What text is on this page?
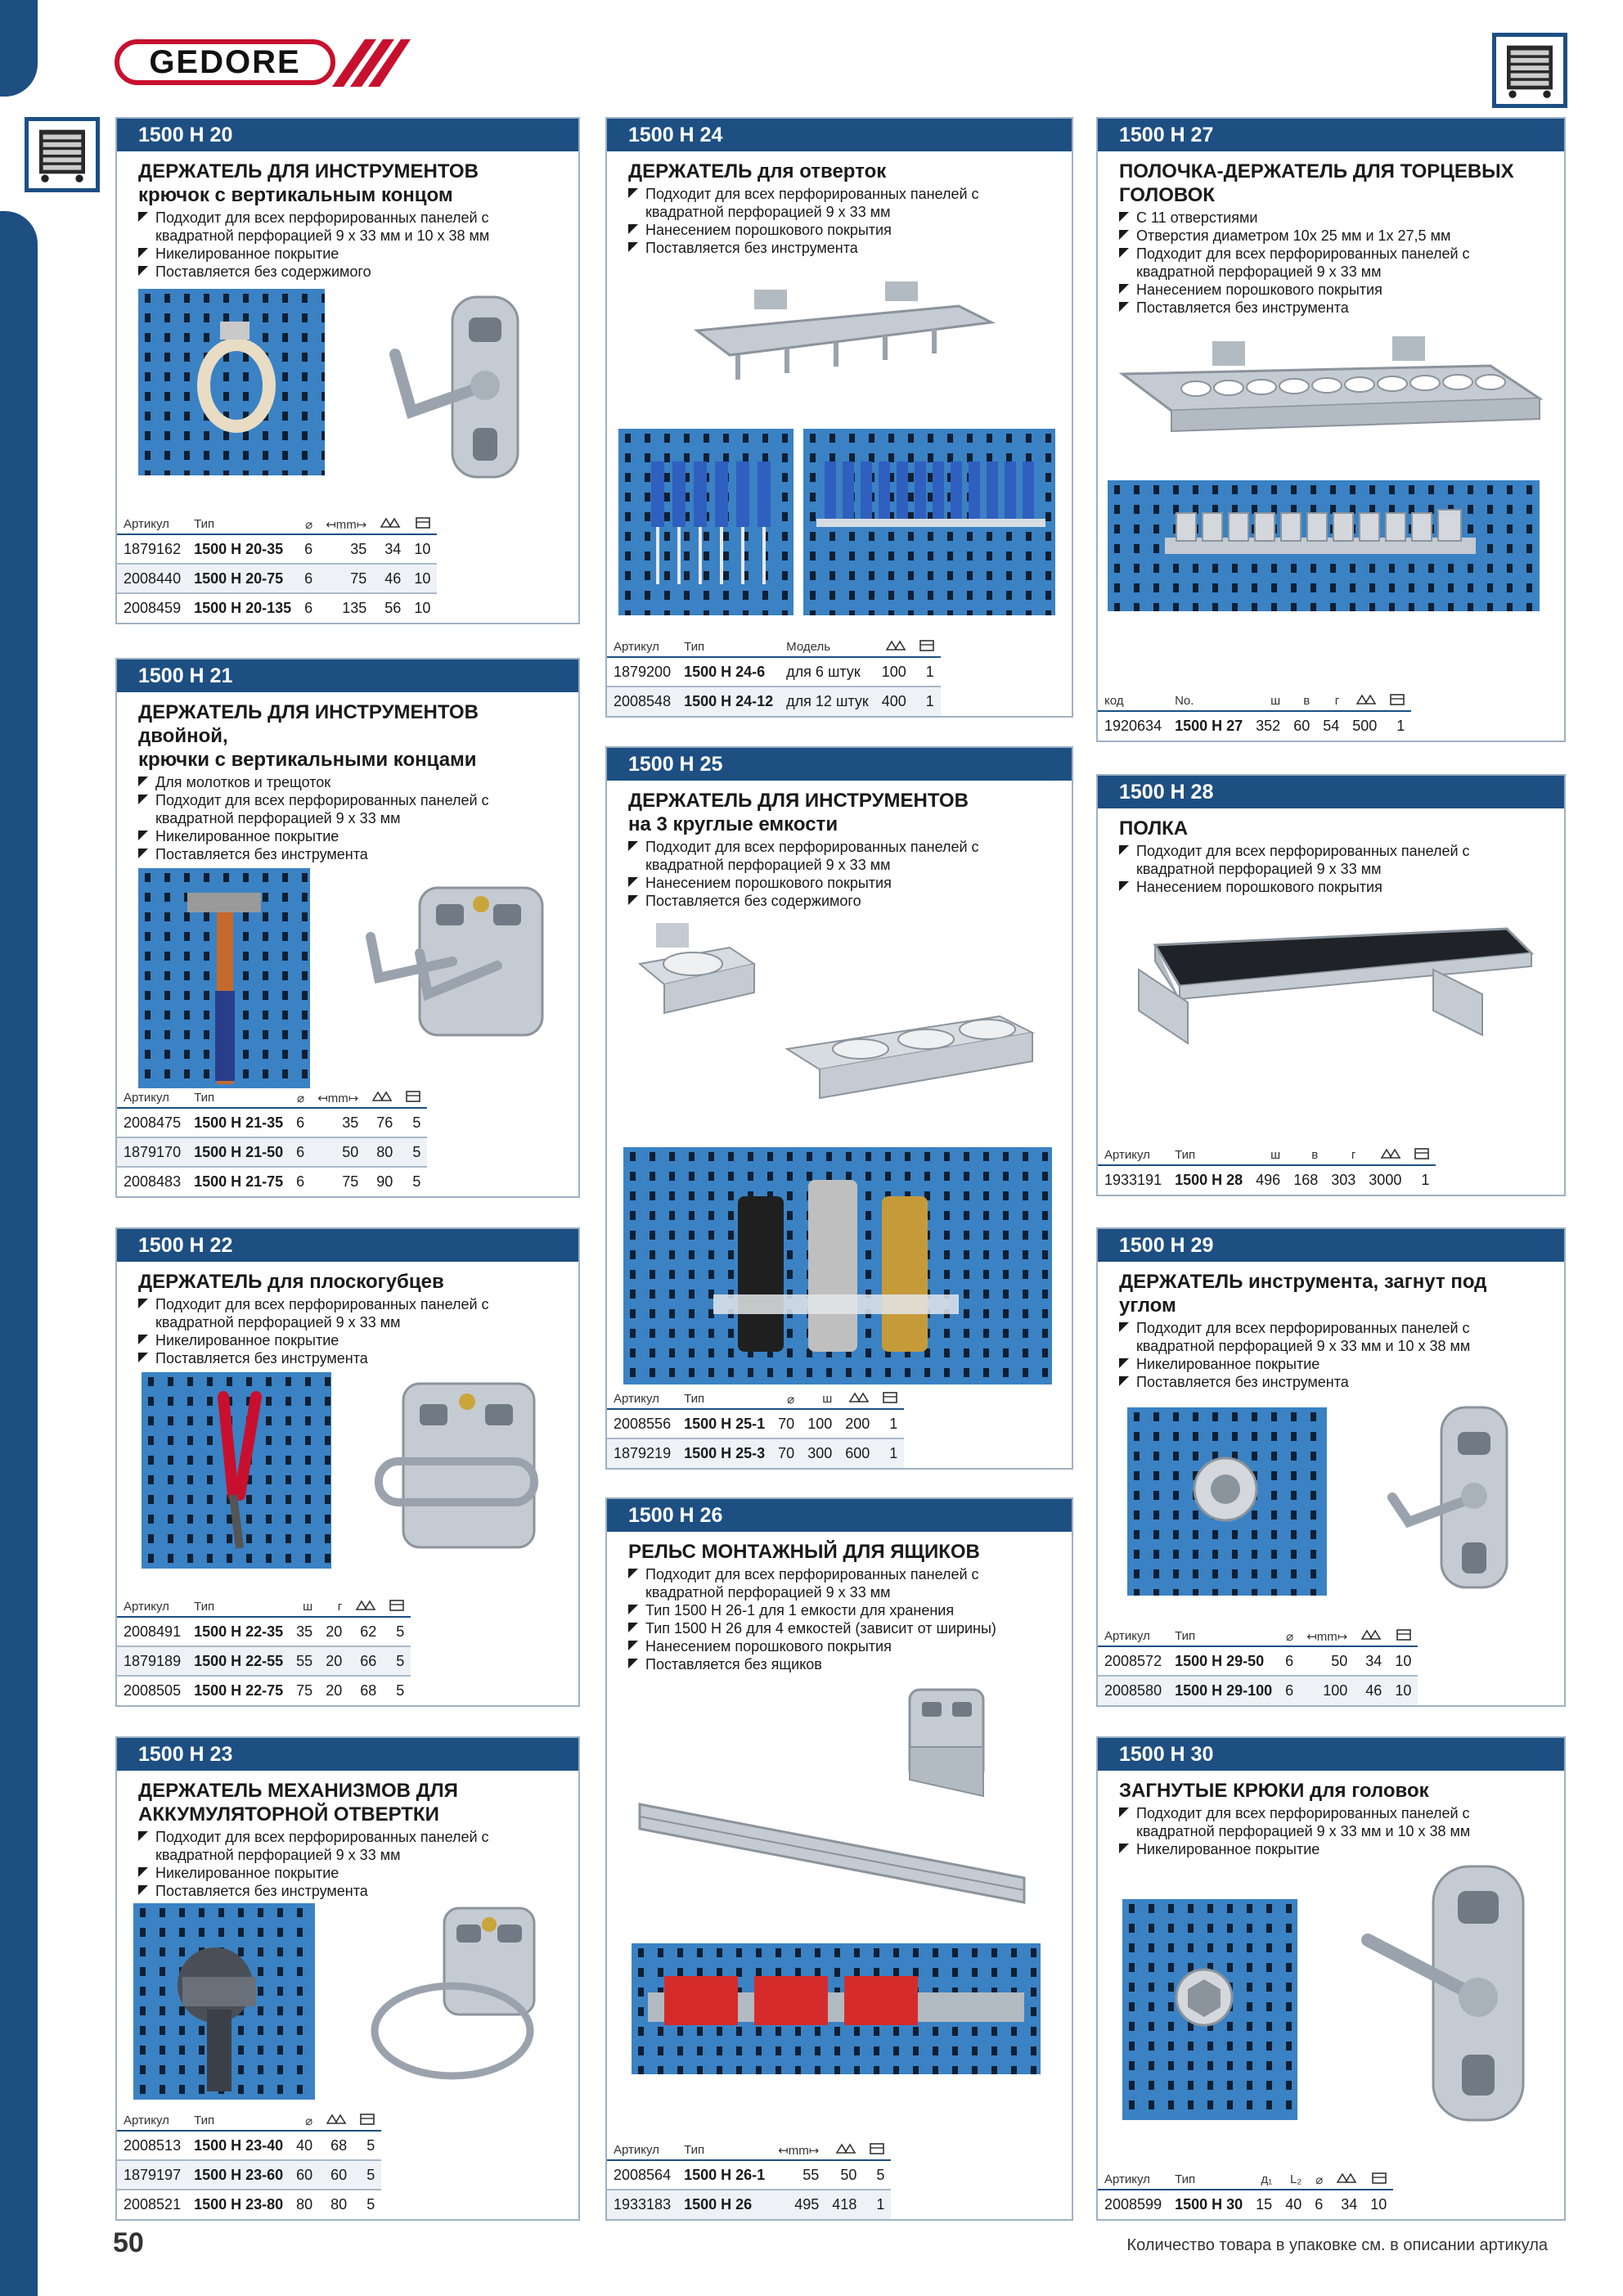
GEDORE
1500 H 20
ДЕРЖАТЕЛЬ ДЛЯ ИНСТРУМЕНТОВ
крючок с вертикальным концом
Подходит для всех перфорированных панелей с квадратной перфорацией 9 х 33 мм и 10 х 38 мм
Никелированное покрытие
Поставляется без содержимого
Артикул	Тип	⌀	↤mm↦		
1879162	1500 H 20-35	6	35	34	10
2008440	1500 H 20-75	6	75	46	10
2008459	1500 H 20-135	6	135	56	10
1500 H 21
ДЕРЖАТЕЛЬ ДЛЯ ИНСТРУМЕНТОВ двойной,
крючки с вертикальными концами
Для молотков и трещоток
Подходит для всех перфорированных панелей с квадратной перфорацией 9 х 33 мм
Никелированное покрытие
Поставляется без инструмента
Артикул	Тип	⌀	↤mm↦		
2008475	1500 H 21-35	6	35	76	5
1879170	1500 H 21-50	6	50	80	5
2008483	1500 H 21-75	6	75	90	5
1500 H 22
ДЕРЖАТЕЛЬ для плоскогубцев
Подходит для всех перфорированных панелей с квадратной перфорацией 9 х 33 мм
Никелированное покрытие
Поставляется без инструмента
Артикул	Тип	ш	г		
2008491	1500 H 22-35	35	20	62	5
1879189	1500 H 22-55	55	20	66	5
2008505	1500 H 22-75	75	20	68	5
1500 H 23
ДЕРЖАТЕЛЬ МЕХАНИЗМОВ ДЛЯ
АККУМУЛЯТОРНОЙ ОТВЕРТКИ
Подходит для всех перфорированных панелей с квадратной перфорацией 9 х 33 мм
Никелированное покрытие
Поставляется без инструмента
Артикул	Тип	⌀		
2008513	1500 H 23-40	40	68	5
1879197	1500 H 23-60	60	60	5
2008521	1500 H 23-80	80	80	5
1500 H 24
ДЕРЖАТЕЛЬ для отверток
Подходит для всех перфорированных панелей с квадратной перфорацией 9 х 33 мм
Нанесением порошкового покрытия
Поставляется без инструмента
Артикул	Тип	Модель		
1879200	1500 H 24-6	для 6 штук	100	1
2008548	1500 H 24-12	для 12 штук	400	1
1500 H 25
ДЕРЖАТЕЛЬ ДЛЯ ИНСТРУМЕНТОВ
на 3 круглые емкости
Подходит для всех перфорированных панелей с квадратной перфорацией 9 х 33 мм
Нанесением порошкового покрытия
Поставляется без содержимого
Артикул	Тип	⌀	ш		
2008556	1500 H 25-1	70	100	200	1
1879219	1500 H 25-3	70	300	600	1
1500 H 26
РЕЛЬС МОНТАЖНЫЙ ДЛЯ ЯЩИКОВ
Подходит для всех перфорированных панелей с квадратной перфорацией 9 х 33 мм
Тип 1500 H 26-1 для 1 емкости для хранения
Тип 1500 H 26 для 4 емкостей (зависит от ширины)
Нанесением порошкового покрытия
Поставляется без ящиков
Артикул	Тип	↤mm↦		
2008564	1500 H 26-1	55	50	5
1933183	1500 H 26	495	418	1
1500 H 27
ПОЛОЧКА-ДЕРЖАТЕЛЬ ДЛЯ ТОРЦЕВЫХ
ГОЛОВОК
С 11 отверстиями
Отверстия диаметром 10х 25 мм и 1х 27,5 мм
Подходит для всех перфорированных панелей с квадратной перфорацией 9 х 33 мм
Нанесением порошкового покрытия
Поставляется без инструмента
код	No.	ш	в	г		
1920634	1500 H 27	352	60	54	500	1
1500 H 28
ПОЛКА
Подходит для всех перфорированных панелей с квадратной перфорацией 9 х 33 мм
Нанесением порошкового покрытия
Артикул	Тип	ш	в	г		
1933191	1500 H 28	496	168	303	3000	1
1500 H 29
ДЕРЖАТЕЛЬ инструмента, загнут под углом
Подходит для всех перфорированных панелей с квадратной перфорацией 9 х 33 мм и 10 х 38 мм
Никелированное покрытие
Поставляется без инструмента
Артикул	Тип	⌀	↤mm↦		
2008572	1500 H 29-50	6	50	34	10
2008580	1500 H 29-100	6	100	46	10
1500 H 30
ЗАГНУТЫЕ КРЮКИ для головок
Подходит для всех перфорированных панелей с квадратной перфорацией 9 х 33 мм и 10 х 38 мм
Никелированное покрытие
Артикул	Тип	д₁	L₂	⌀		
2008599	1500 H 30	15	40	6	34	10
50	Количество товара в упаковке см. в описании артикула
